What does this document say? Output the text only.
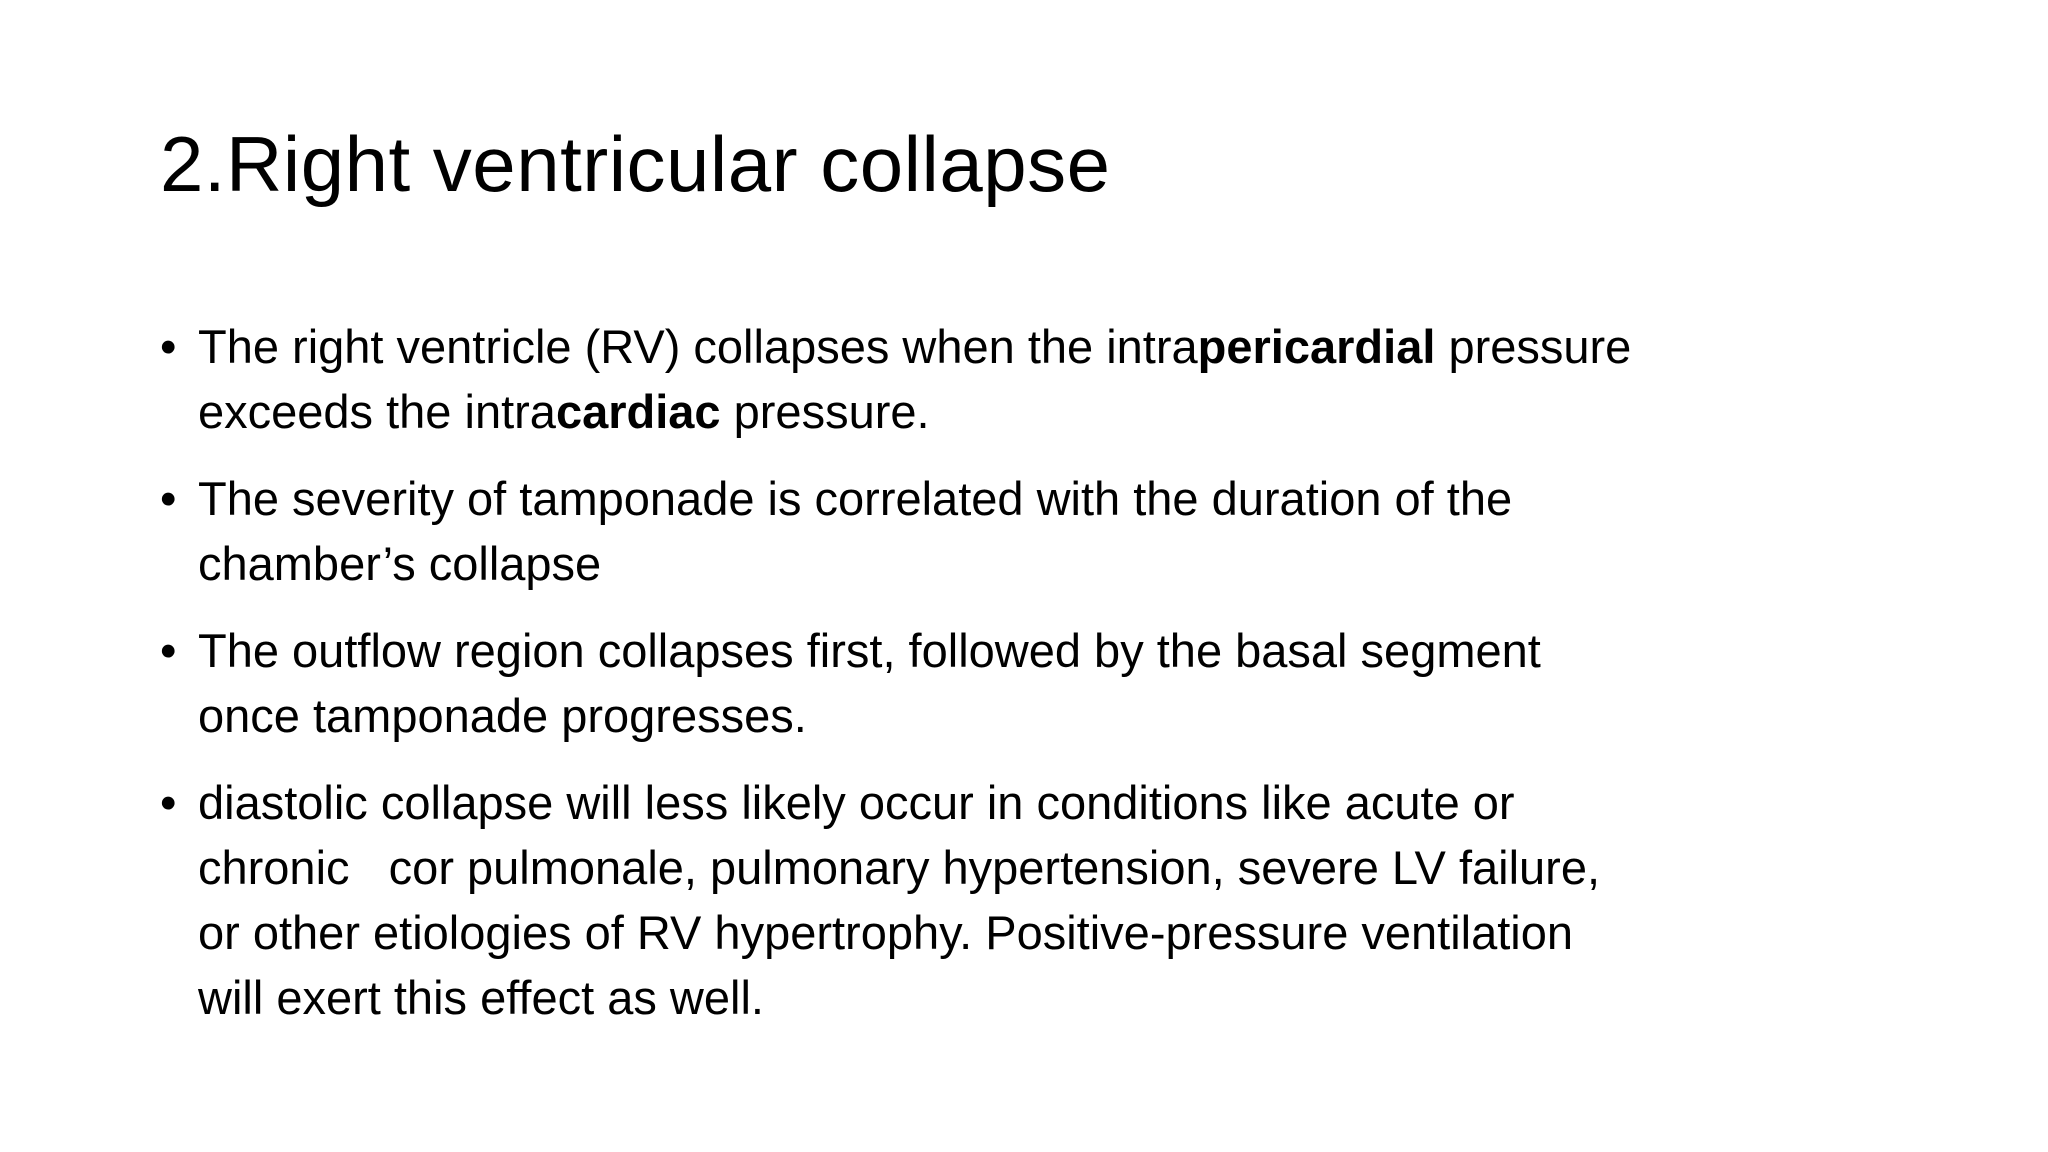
2.Right ventricular collapse
• The right ventricle (RV) collapses when the intrapericardial pressure
exceeds the intracardiac pressure.
• The severity of tamponade is correlated with the duration of the
chamber’s collapse
• The outflow region collapses first, followed by the basal segment
once tamponade progresses.
• diastolic collapse will less likely occur in conditions like acute or
chronic   cor pulmonale, pulmonary hypertension, severe LV failure,
or other etiologies of RV hypertrophy. Positive-pressure ventilation
will exert this effect as well.
